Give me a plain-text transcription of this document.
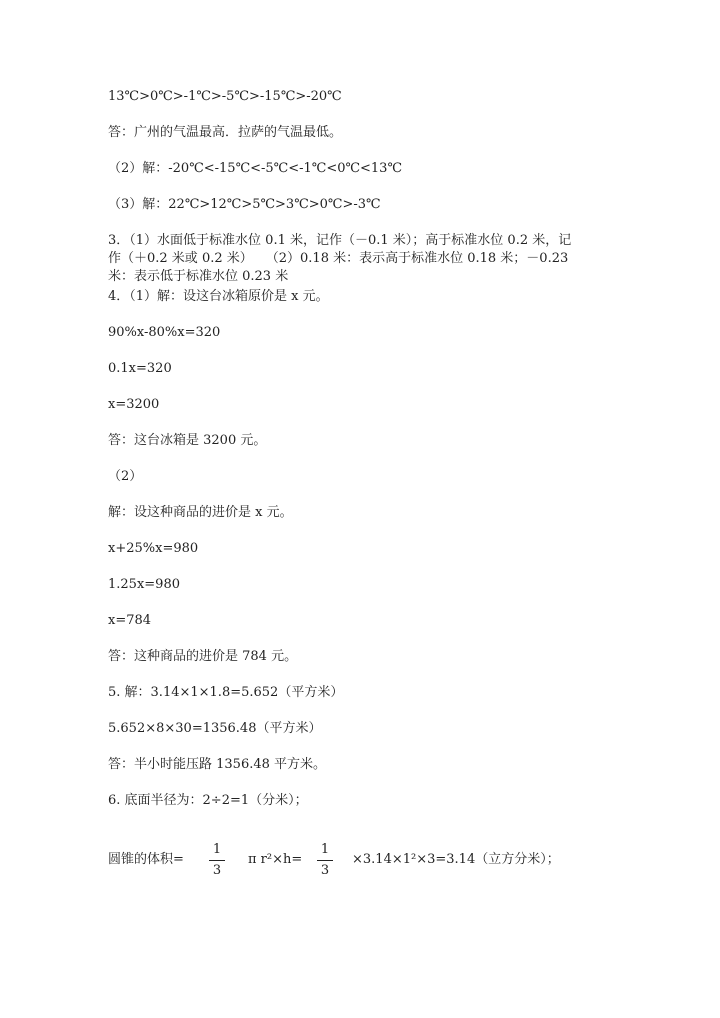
13℃>0℃>-1℃>-5℃>-15℃>-20℃

答：广州的气温最高．拉萨的气温最低。

（2）解：-20℃<-15℃<-5℃<-1℃<0℃<13℃

（3）解：22℃>12℃>5℃>3℃>0℃>-3℃

3．（1）水面低于标准水位 0.1 米，记作（－0.1 米）；高于标准水位 0.2 米，记

作（＋0.2 米或 0.2 米）　　（2）0.18 米：表示高于标准水位 0.18 米；－0.23

米：表示低于标准水位 0.23 米

4．（1）解：设这台冰箱原价是 x 元。

90%x-80%x=320

0.1x=320

x=3200

答：这台冰箱是 3200 元。

（2）

解：设这种商品的进价是 x 元。

x+25%x=980

1.25x=980

x=784

答：这种商品的进价是 784 元。

5. 解：3.14×1×1.8=5.652（平方米）

5.652×8×30=1356.48（平方米）

答：半小时能压路 1356.48 平方米。

6. 底面半径为：2÷2=1（分米）；

圆锥的体积=
1
3
π r²×h=
1
3
×3.14×1²×3=3.14（立方分米）；
